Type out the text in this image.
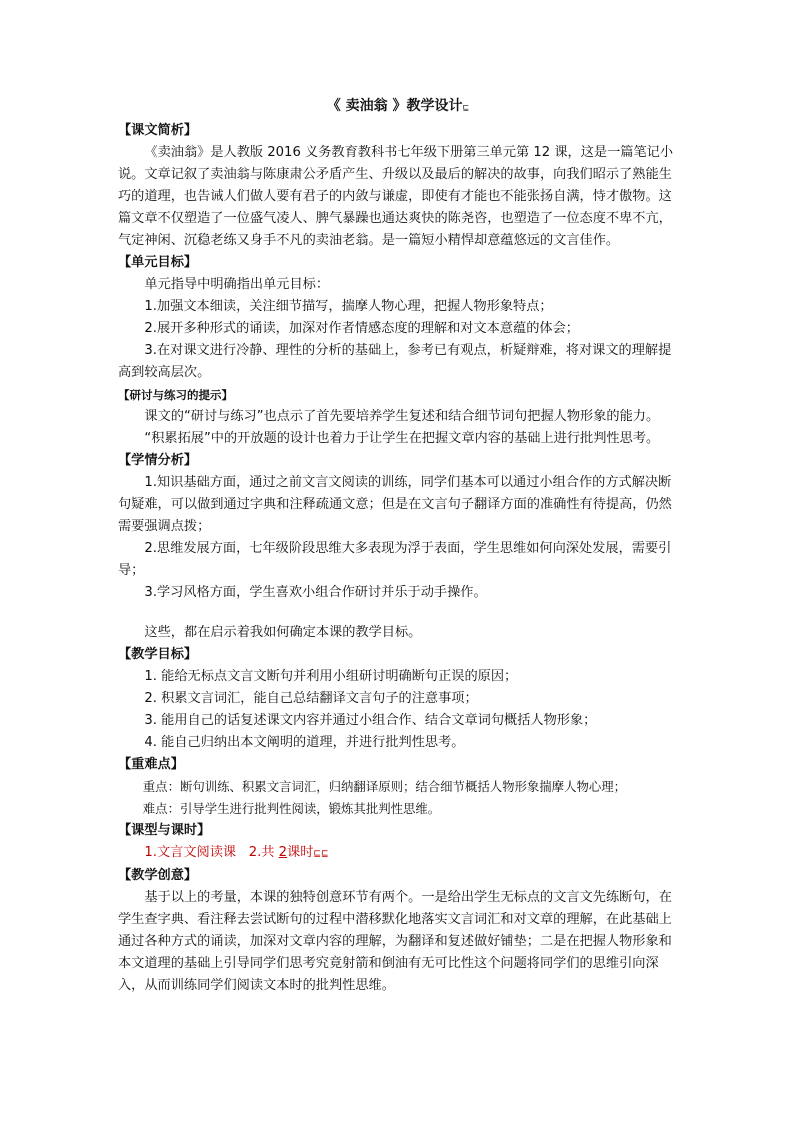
《 卖油翁 》教学设计⊑

【课文简析】

《卖油翁》是人教版 2016 义务教育教科书七年级下册第三单元第 12 课，这是一篇笔记小说。文章记叙了卖油翁与陈康肃公矛盾产生、升级以及最后的解决的故事，向我们昭示了熟能生巧的道理，也告诫人们做人要有君子的内敛与谦虚，即使有才能也不能张扬自满，恃才傲物。这篇文章不仅塑造了一位盛气凌人、脾气暴躁也通达爽快的陈尧咨，也塑造了一位态度不卑不亢，气定神闲、沉稳老练又身手不凡的卖油老翁。是一篇短小精悍却意蕴悠远的文言佳作。

【单元目标】

单元指导中明确指出单元目标：

1.加强文本细读，关注细节描写，揣摩人物心理，把握人物形象特点；

2.展开多种形式的诵读，加深对作者情感态度的理解和对文本意蕴的体会；

3.在对课文进行冷静、理性的分析的基础上，参考已有观点，析疑辩难，将对课文的理解提高到较高层次。

【研讨与练习的提示】

课文的“研讨与练习”也点示了首先要培养学生复述和结合细节词句把握人物形象的能力。

“积累拓展”中的开放题的设计也着力于让学生在把握文章内容的基础上进行批判性思考。

【学情分析】

1.知识基础方面，通过之前文言文阅读的训练，同学们基本可以通过小组合作的方式解决断句疑难，可以做到通过字典和注释疏通文意；但是在文言句子翻译方面的准确性有待提高，仍然需要强调点拨；

2.思维发展方面，七年级阶段思维大多表现为浮于表面，学生思维如何向深处发展，需要引导；

3.学习风格方面，学生喜欢小组合作研讨并乐于动手操作。

这些，都在启示着我如何确定本课的教学目标。

【教学目标】

1. 能给无标点文言文断句并利用小组研讨明确断句正误的原因；

2. 积累文言词汇，能自己总结翻译文言句子的注意事项；

3. 能用自己的话复述课文内容并通过小组合作、结合文章词句概括人物形象；

4. 能自己归纳出本文阐明的道理，并进行批判性思考。

【重难点】

重点：断句训练、积累文言词汇，归纳翻译原则；结合细节概括人物形象揣摩人物心理；

难点：引导学生进行批判性阅读，锻炼其批判性思维。

【课型与课时】

1.文言文阅读课 2.共 2课时⊑⊑

【教学创意】

基于以上的考量，本课的独特创意环节有两个。一是给出学生无标点的文言文先练断句，在学生查字典、看注释去尝试断句的过程中潜移默化地落实文言词汇和对文章的理解，在此基础上通过各种方式的诵读，加深对文章内容的理解，为翻译和复述做好铺垫；二是在把握人物形象和本文道理的基础上引导同学们思考究竟射箭和倒油有无可比性这个问题将同学们的思维引向深入，从而训练同学们阅读文本时的批判性思维。
